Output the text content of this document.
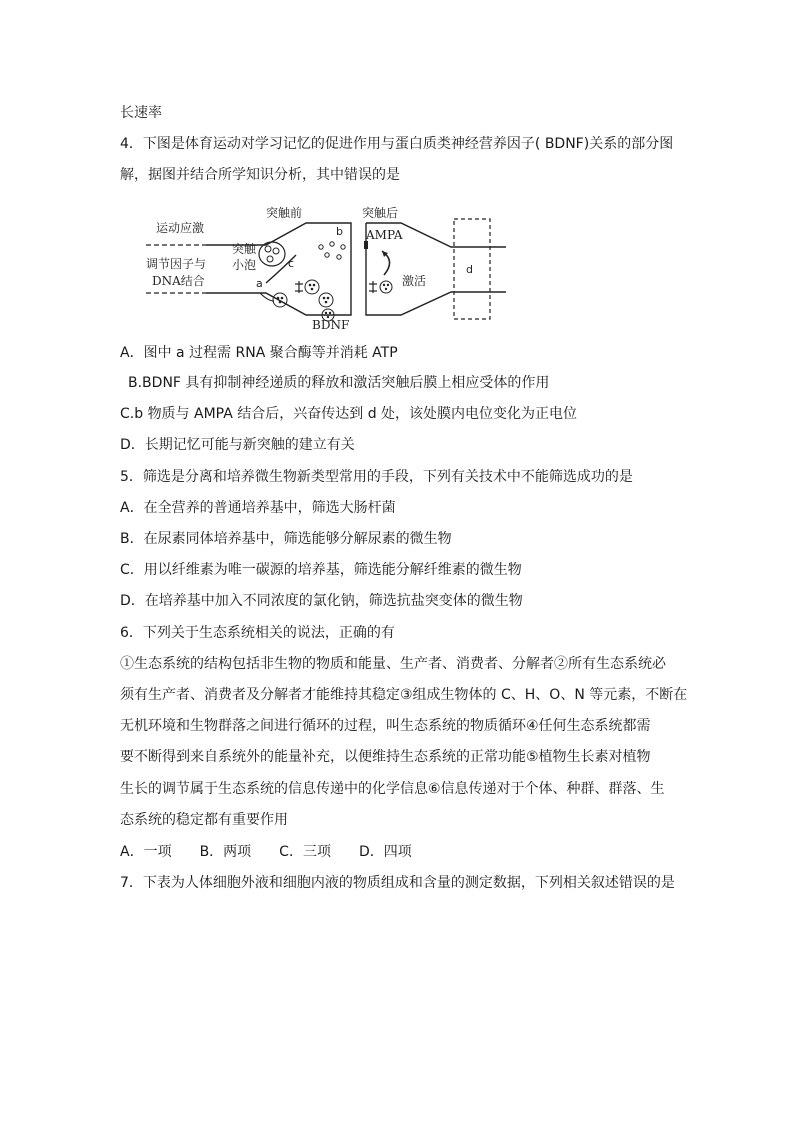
长速率
4．下图是体育运动对学习记忆的促进作用与蛋白质类神经营养因子( BDNF)关系的部分图
解，据图并结合所学知识分析，其中错误的是
运动应激
调节因子与
DNA结合
突触前	突触后
突触
小泡
a
b
c	d
AMPA
激活
BDNF
A．图中 a 过程需 RNA 聚合酶等并消耗 ATP
B.BDNF 具有抑制神经递质的释放和激活突触后膜上相应受体的作用
C.b 物质与 AMPA 结合后，兴奋传达到 d 处，该处膜内电位变化为正电位
D．长期记忆可能与新突触的建立有关
5．筛选是分离和培养微生物新类型常用的手段，下列有关技术中不能筛选成功的是
A．在全营养的普通培养基中，筛选大肠杆菌
B．在尿素同体培养基中，筛选能够分解尿素的微生物
C．用以纤维素为唯一碳源的培养基，筛选能分解纤维素的微生物
D．在培养基中加入不同浓度的氯化钠，筛选抗盐突变体的微生物
6．下列关于生态系统相关的说法，正确的有
①生态系统的结构包括非生物的物质和能量、生产者、消费者、分解者②所有生态系统必
须有生产者、消费者及分解者才能维持其稳定③组成生物体的 C、H、O、N 等元素，不断在
无机环境和生物群落之间进行循环的过程，叫生态系统的物质循环④任何生态系统都需
要不断得到来自系统外的能量补充，以便维持生态系统的正常功能⑤植物生长素对植物
生长的调节属于生态系统的信息传递中的化学信息⑥信息传递对于个体、种群、群落、生
态系统的稳定都有重要作用
A．一项　　B．两项　　C．三项　　D．四项
7．下表为人体细胞外液和细胞内液的物质组成和含量的测定数据，下列相关叙述错误的是
